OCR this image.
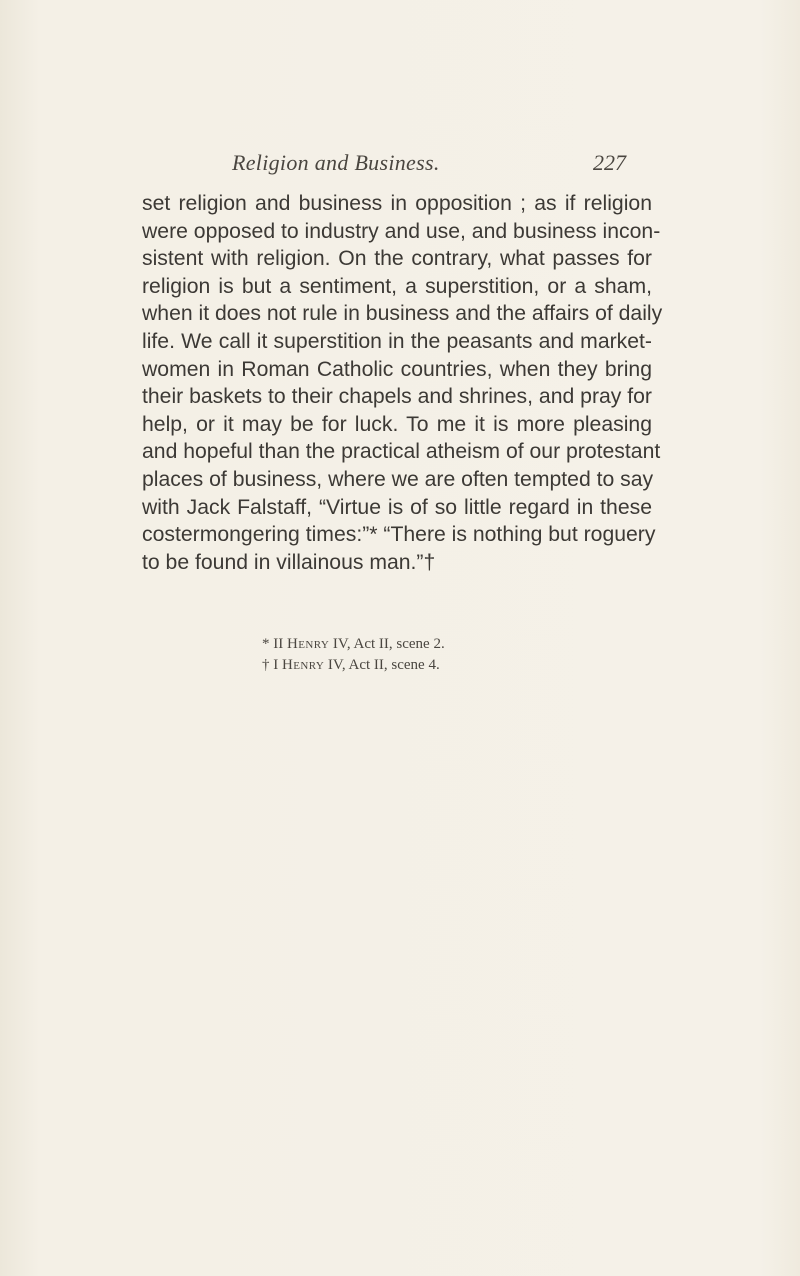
Religion and Business.	227
set religion and business in opposition ; as if religion
were opposed to industry and use, and business incon-
sistent with religion. On the contrary, what passes for
religion is but a sentiment, a superstition, or a sham,
when it does not rule in business and the affairs of daily
life. We call it superstition in the peasants and market-
women in Roman Catholic countries, when they bring
their baskets to their chapels and shrines, and pray for
help, or it may be for luck. To me it is more pleasing
and hopeful than the practical atheism of our protestant
places of business, where we are often tempted to say
with Jack Falstaff, “Virtue is of so little regard in these
costermongering times:”* “There is nothing but roguery
to be found in villainous man.”†
* II Henry IV, Act II, scene 2.
† I Henry IV, Act II, scene 4.
